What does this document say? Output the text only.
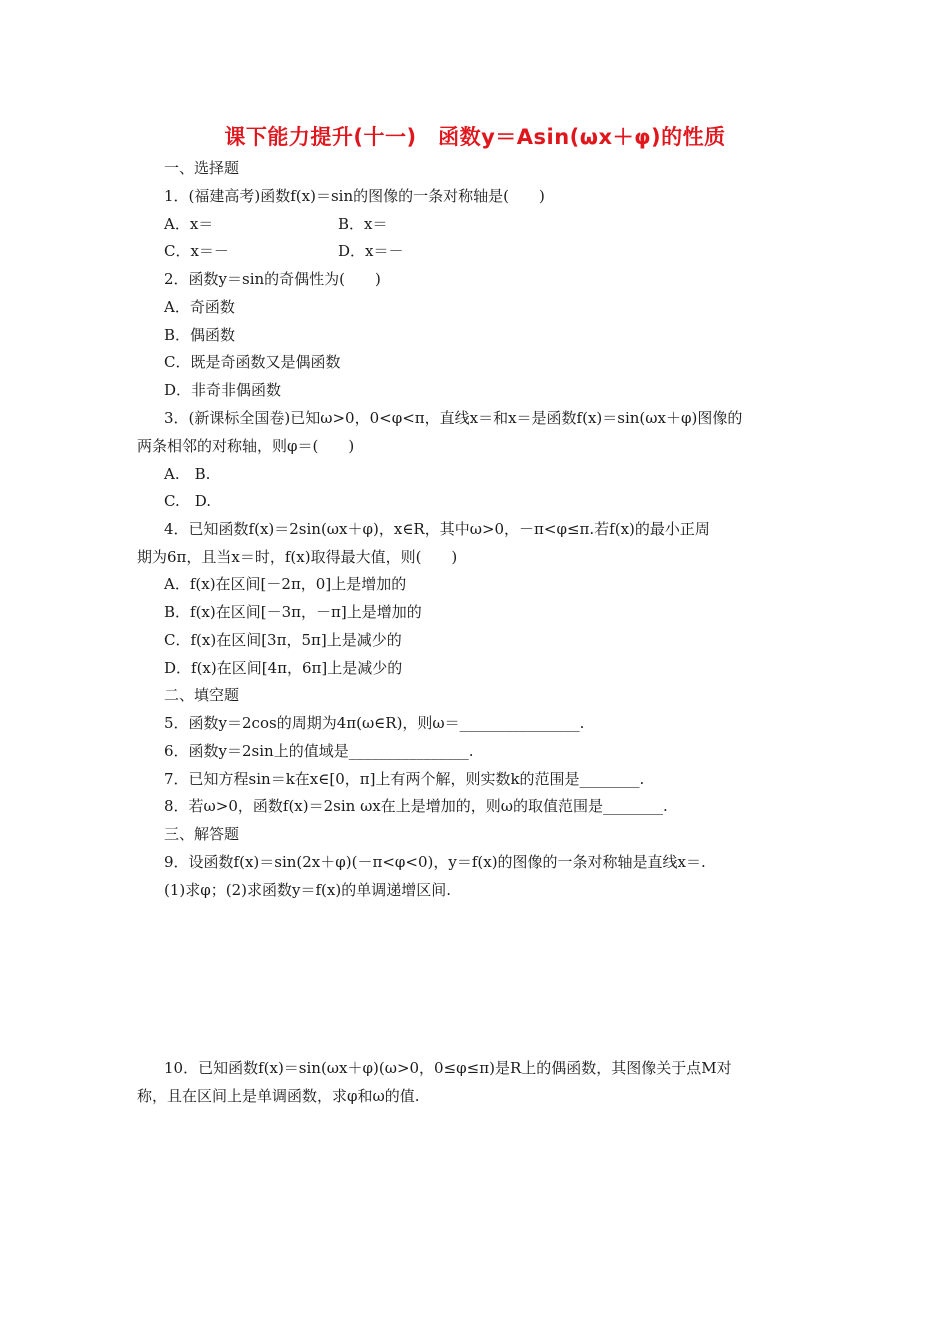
课下能力提升(十一)　函数y＝Asin(ωx＋φ)的性质
一、选择题
1．(福建高考)函数f(x)＝sin的图像的一条对称轴是(　　)
A．x＝	B．x＝
C．x＝－	D．x＝－
2．函数y＝sin的奇偶性为(　　)
A．奇函数
B．偶函数
C．既是奇函数又是偶函数
D．非奇非偶函数
3．(新课标全国卷)已知ω>0，0<φ<π，直线x＝和x＝是函数f(x)＝sin(ωx＋φ)图像的
两条相邻的对称轴，则φ＝(　　)
A.　B.
C.　D.
4．已知函数f(x)＝2sin(ωx＋φ)，x∈R，其中ω>0，－π<φ≤π.若f(x)的最小正周
期为6π，且当x＝时，f(x)取得最大值，则(　　)
A．f(x)在区间[－2π，0]上是增加的
B．f(x)在区间[－3π，－π]上是增加的
C．f(x)在区间[3π，5π]上是减少的
D．f(x)在区间[4π，6π]上是减少的
二、填空题
5．函数y＝2cos的周期为4π(ω∈R)，则ω＝________________.
6．函数y＝2sin上的值域是________________.
7．已知方程sin＝k在x∈[0，π]上有两个解，则实数k的范围是________.
8．若ω>0，函数f(x)＝2sin ωx在上是增加的，则ω的取值范围是________.
三、解答题
9．设函数f(x)＝sin(2x＋φ)(－π<φ<0)，y＝f(x)的图像的一条对称轴是直线x＝.
(1)求φ；(2)求函数y＝f(x)的单调递增区间.
10．已知函数f(x)＝sin(ωx＋φ)(ω>0，0≤φ≤π)是R上的偶函数，其图像关于点M对
称，且在区间上是单调函数，求φ和ω的值.
